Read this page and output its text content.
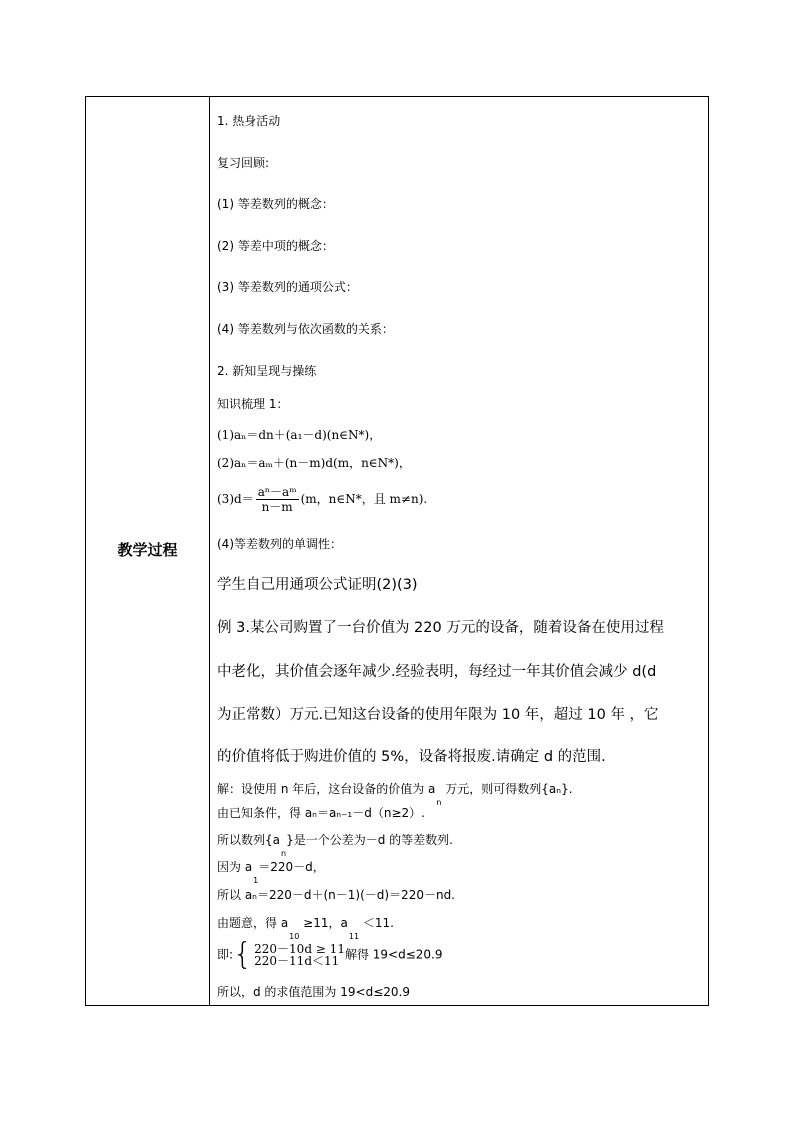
教学过程
1. 热身活动
复习回顾:
(1) 等差数列的概念：
(2) 等差中项的概念：
(3) 等差数列的通项公式：
(4) 等差数列与依次函数的关系：
2. 新知呈现与操练
知识梳理 1：
(1)aₙ＝dn＋(a₁－d)(n∈N*)，
(2)aₙ＝aₘ＋(n－m)d(m，n∈N*)，
$(3)d= \frac{\text{aⁿ－aᵐ}}{n-m} (m$，n∈N*，且 m≠n).
(4)等差数列的单调性：
学生自己用通项公式证明(2)(3)
例 3.某公司购置了一台价值为 220 万元的设备，随着设备在使用过程
中老化，其价值会逐年减少.经验表明，每经过一年其价值会减少 d(d
为正常数）万元.已知这台设备的使用年限为 10 年，超过 10 年 ，它
的价值将低于购进价值的 5%，设备将报废.请确定 d 的范围.
解：设使用 n 年后，这台设备的价值为 $a_n$ 万元，则可得数列{aₙ}.
由已知条件，得 aₙ＝aₙ₋₁－d（n≥2）.
所以数列$\{a_n\}$是一个公差为－d 的等差数列.
因为 $a_1=220-d$，
所以 aₙ＝220－d＋(n－1)(－d)＝220－nd.
由题意，得 $a_{10} \ge 11$，$a_{11} <11$.
即:{ 220－10d ≥ 11
220－11d＜11 解得 19<d≤20.9
所以，d 的求值范围为 19<d≤20.9
